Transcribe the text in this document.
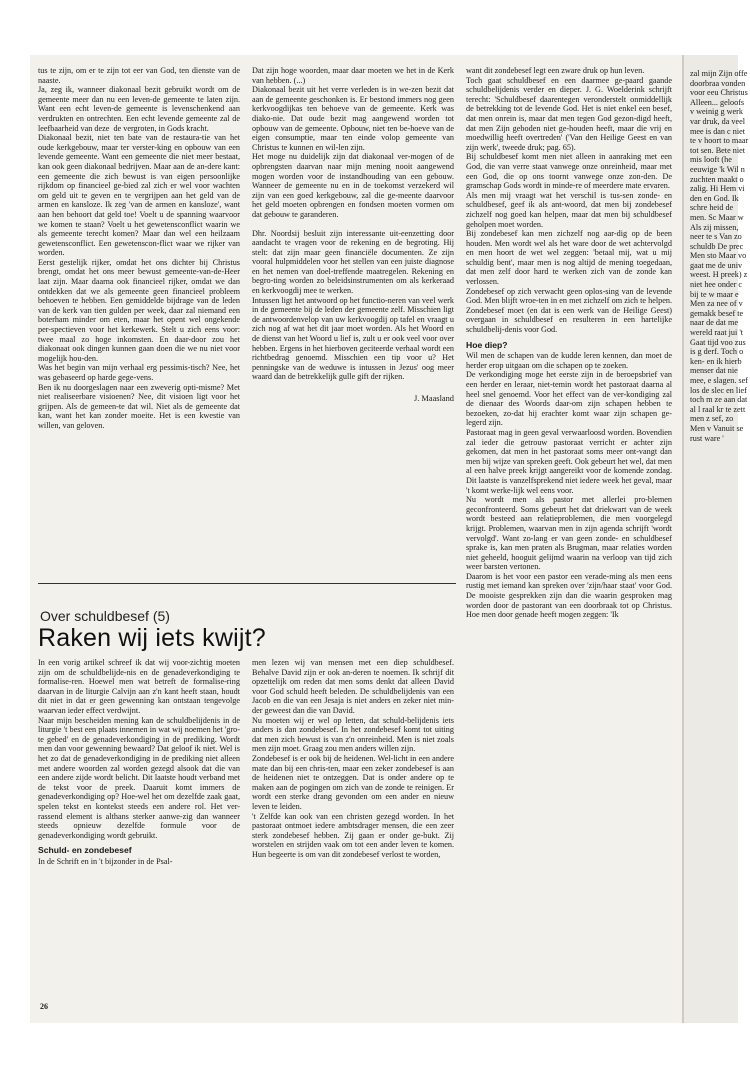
tus te zijn, om er te zijn tot eer van God, ten dienste van de naaste.

Ja, zeg ik, wanneer diakonaal bezit gebruikt wordt om de gemeente meer dan nu een leven-de gemeente te laten zijn. Want een echt leven-de gemeente is levenschenkend aan verdrukten en ontrechten. Een echt levende gemeente zal de leefbaarheid van deze ⁣ de vergroten, in Gods kracht.

Diakonaal bezit, niet ten bate van de restaura-tie van het oude kerkgebouw, maar ter verster-king en opbouw van een levende gemeente. Want een gemeente die niet meer bestaat, kan ook geen diakonaal bedrijven. Maar aan de an-dere kant: een gemeente die zich bewust is van eigen persoonlijke rijkdom op financieel ge-bied zal zich er wel voor wachten om geld uit te geven en te vergrijpen aan het geld van de armen en kansloze. Ik zeg 'van de armen en kansloze', want aan hen behoort dat geld toe! Voelt u de spanning waarvoor we komen te staan? Voelt u het gewetensconflict waarin we als gemeente terecht komen? Maar dan wel een heilzaam gewetensconflict. Een gewetenscon-flict waar we rijker van worden.

Eerst gestelijk rijker, omdat het ons dichter bij Christus brengt, omdat het ons meer bewust gemeente-van-de-Heer laat zijn. Maar daarna ook financieel rijker, omdat we dan ontdekken dat we als gemeente geen financieel probleem behoeven te hebben. Een gemiddelde bijdrage van de leden van de kerk van tien gulden per week, daar zal niemand een boterham minder om eten, maar het opent wel ongekende per-spectieven voor het kerkewerk. Stelt u zich eens voor: twee maal zo hoge inkomsten. En daar-door zou het diakonaat ook dingen kunnen gaan doen die we nu niet voor mogelijk hou-den.

Was het begin van mijn verhaal erg pessimis-tisch? Nee, het was gebaseerd op harde gege-vens.

Ben ik nu doorgeslagen naar een zweverig opti-misme? Met niet realiseerbare visioenen? Nee, dit visioen ligt voor het grijpen. Als de gemeen-te dat wil. Niet als de gemeente dat kan, want het kan zonder moeite. Het is een kwestie van willen, van geloven.

Dat zijn hoge woorden, maar daar moeten we het in de Kerk van hebben. (...)

Diakonaal bezit uit het verre verleden is in we-zen bezit dat aan de gemeente geschonken is. Er bestond immers nog geen kerkvoogdijkas ten behoeve van de gemeente. Kerk was diako-nie. Dat oude bezit mag aangewend worden tot opbouw van de gemeente. Opbouw, niet ten be-hoeve van de eigen consumptie, maar ten einde volop gemeente van Christus te kunnen en wil-len zijn.

Het moge nu duidelijk zijn dat diakonaal ver-mogen of de opbrengsten daarvan naar mijn mening nooit aangewend mogen worden voor de instandhouding van een gebouw. Wanneer de gemeente nu en in de toekomst verzekerd wil zijn van een goed kerkgebouw, zal die ge-meente daarvoor het geld moeten opbrengen en fondsen moeten vormen om dat gebouw te garanderen.

Dhr. Noordsij besluit zijn interessante uit-eenzetting door aandacht te vragen voor de rekening en de begroting. Hij stelt: dat zijn maar geen financiële documenten. Ze zijn vooral hulpmiddelen voor het stellen van een juiste diagnose en het nemen van doel-treffende maatregelen. Rekening en begro-ting worden zo beleidsinstrumenten om als kerkeraad en kerkvoogdij mee te werken.

Intussen ligt het antwoord op het functio-neren van veel werk in de gemeente bij de leden der gemeente zelf. Misschien ligt de antwoordenvelop van uw kerkvoogdij op tafel en vraagt u zich nog af wat het dit jaar moet worden. Als het Woord en de dienst van het Woord u lief is, zult u er ook veel voor over hebben. Ergens in het hierboven geciteerde verhaal wordt een richtbedrag genoemd. Misschien een tip voor u? Het penningske van de weduwe is intussen in Jezus' oog meer waard dan de betrekkelijk gulle gift der rijken.

J. Maasland
Over schuldbesef (5)
Raken wij iets kwijt?

In een vorig artikel schreef ik dat wij voor-zichtig moeten zijn om de schuldbelijde-nis en de genadeverkondiging te formalise-ren. Hoewel men wat betreft de formalise-ring daarvan in de liturgie Calvijn aan z'n kant heeft staan, houdt dit niet in dat er geen gewenning kan ontstaan tengevolge waarvan ieder effect verdwijnt.

Naar mijn bescheiden mening kan de schuldbelijdenis in de liturgie 't best een plaats innemen in wat wij noemen het 'gro-te gebed' en de genadeverkondiging in de prediking. Wordt men dan voor gewenning bewaard? Dat geloof ik niet. Wel is het zo dat de genadeverkondiging in de prediking niet alleen met andere woorden zal worden gezegd alsook dat die van een andere zijde wordt belicht. Dit laatste houdt verband met de tekst voor de preek. Daaruit komt immers de genadeverkondiging op? Hoe-wel het om dezelfde zaak gaat, spelen tekst en kontekst steeds een andere rol. Het ver-rassend element is althans sterker aanwe-zig dan wanneer steeds opnieuw dezelfde formule voor de genadeverkondiging wordt gebruikt.

Schuld- en zondebesef

In de Schrift en in 't bijzonder in de Psal-

men lezen wij van mensen met een diep schuldbesef. Behalve David zijn er ook an-deren te noemen. Ik schrijf dit opzettelijk om reden dat men soms denkt dat alleen David voor God schuld heeft beleden. De schuldbelijdenis van een Jacob en die van een Jesaja is niet anders en zeker niet min-der geweest dan die van David.

Nu moeten wij er wel op letten, dat schuld-belijdenis iets anders is dan zondebesef. In het zondebesef komt tot uiting dat men zich bewust is van z'n onreinheid. Men is niet zoals men zijn moet. Graag zou men anders willen zijn.

Zondebesef is er ook bij de heidenen. Wel-licht in een andere mate dan bij een chris-ten, maar een zeker zondebesef is aan de heidenen niet te ontzeggen. Dat is onder andere op te maken aan de pogingen om zich van de zonde te reinigen. Er wordt een sterke drang gevonden om een ander en nieuw leven te leiden.

't Zelfde kan ook van een christen gezegd worden. In het pastoraat ontmoet iedere ambtsdrager mensen, die een zeer sterk zondebesef hebben. Zij gaan er onder ge-bukt. Zij worstelen en strijden vaak om tot een ander leven te komen. Hun begeerte is om van dit zondebesef verlost te worden,

want dit zondebesef legt een zware druk op hun leven.

Toch gaat schuldbesef en een daarmee ge-paard gaande schuldbelijdenis verder en dieper. J. G. Woelderink schrijft terecht: 'Schuldbesef daarentegen veronderstelt onmiddellijk de betrekking tot de levende God. Het is niet enkel een besef, dat men onrein is, maar dat men tegen God gezon-digd heeft, dat men Zijn geboden niet ge-houden heeft, maar die vrij en moedwillig heeft overtreden' ('Van den Heilige Geest en van zijn werk', tweede druk; pag. 65).

Bij schuldbesef komt men niet alleen in aanraking met een God, die van verre staat vanwege onze onreinheid, maar met een God, die op ons toornt vanwege onze zon-den. De gramschap Gods wordt in minde-re of meerdere mate ervaren.

Als men mij vraagt wat het verschil is tus-sen zonde- en schuldbesef, geef ik als ant-woord, dat men bij zondebesef zichzelf nog goed kan helpen, maar dat men bij schuldbesef geholpen moet worden.

Bij zondebesef kan men zichzelf nog aar-dig op de been houden. Men wordt wel als het ware door de wet achtervolgd en men hoort de wet wel zeggen: 'betaal mij, wat u mij schuldig bent', maar men is nog altijd de mening toegedaan, dat men zelf door hard te werken zich van de zonde kan verlossen.

Zondebesef op zich verwacht geen oplos-sing van de levende God. Men blijft wroe-ten in en met zichzelf om zich te helpen. Zondebesef moet (en dat is een werk van de Heilige Geest) overgaan in schuldbesef en resulteren in een hartelijke schuldbelij-denis voor God.

Hoe diep?

Wil men de schapen van de kudde leren kennen, dan moet de herder erop uitgaan om die schapen op te zoeken.

De verkondiging moge het eerste zijn in de beroepsbrief van een herder en leraar, niet-temin wordt het pastoraat daarna al heel snel genoemd. Voor het effect van de ver-kondiging zal de dienaar des Woords daar-om zijn schapen hebben te bezoeken, zo-dat hij erachter komt waar zijn schapen ge-legerd zijn.

Pastoraat mag in geen geval verwaarloosd worden. Bovendien zal ieder die getrouw pastoraat verricht er achter zijn gekomen, dat men in het pastoraat soms meer ont-vangt dan men bij wijze van spreken geeft. Ook gebeurt het wel, dat men al een halve preek krijgt aangereikt voor de komende zondag. Dit laatste is vanzelfsprekend niet iedere week het geval, maar 't komt werke-lijk wel eens voor.

Nu wordt men als pastor met allerlei pro-blemen geconfronteerd. Soms gebeurt het dat driekwart van de week wordt besteed aan relatieproblemen, die men voorgelegd krijgt. Problemen, waarvan men in zijn agenda schrijft 'wordt vervolgd'. Want zo-lang er van geen zonde- en schuldbesef sprake is, kan men praten als Brugman, maar relaties worden niet geheeld, hooguit gelijmd waarin na verloop van tijd zich weer barsten vertonen.

Daarom is het voor een pastor een verade-ming als men eens rustig met iemand kan spreken over 'zijn/haar staat' voor God. De mooiste gesprekken zijn dan die waarin gesproken mag worden door de pastorant van een doorbraak tot op Christus. Hoe men door genade heeft mogen zeggen: 'Ik

26
zal mijn Zijn offe doorbraa vonden voor eeu Christus Alleen... geloofs v weinig g werk var druk, da veel mee is dan c niet te v hoort to maar tot sen. Bete niet mis looft (he eeuwige 'k Wil n zuchten maakt o zalig. Hi Hem vi den en God. Ik schre heid de men. Sc Maar w Als zij missen, neer te s Van zo schuldb De prec Men sto Maar vo gaat me de univ weest. H preek) z niet hee onder c bij te w maar e Men za nee of v gemakk besef te naar de dat me wereld raat jui 't Gaat tijd voo zus is g derf. Toch o ken- en ik hierb menser dat nie mee, e slagen. sef los de slec en lief toch m ze aan dat al l raal kr te zett men z sef, zo Men v Vanuit se rust ware '
